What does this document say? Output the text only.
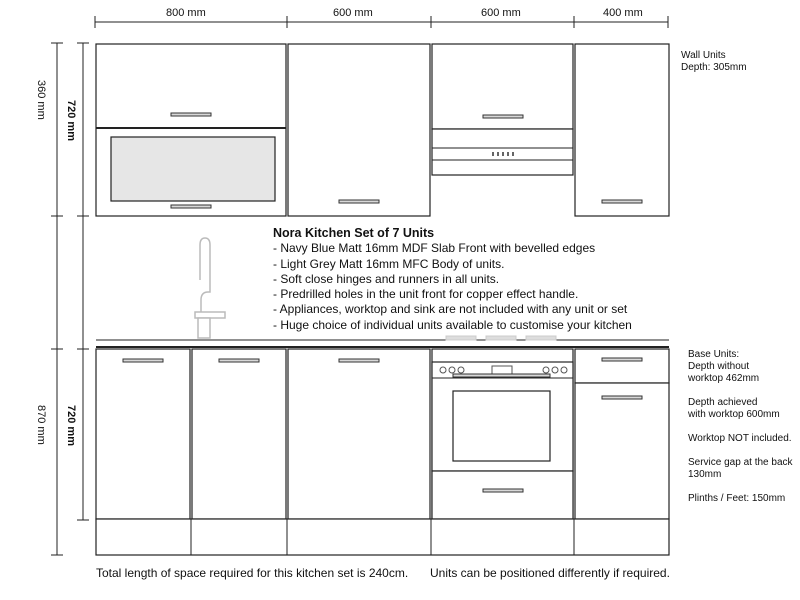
800 mm	600 mm	600 mm	400 mm
360 mm
720 mm
870 mm 720 mm
Wall Units
Depth: 305mm
Nora Kitchen Set of 7 Units
- Navy Blue Matt 16mm MDF Slab Front with bevelled edges
- Light Grey Matt 16mm MFC Body of units.
- Soft close hinges and runners in all units.
- Predrilled holes in the unit front for copper effect handle.
- Appliances, worktop and sink are not included with any unit or set
- Huge choice of individual units available to customise your kitchen
Base Units:
Depth without
worktop 462mm
Depth achieved
with worktop 600mm
Worktop NOT included.
Service gap at the back
130mm
Plinths / Feet: 150mm
Total length of space required for this kitchen set is 240cm. Units can be positioned differently if required.
